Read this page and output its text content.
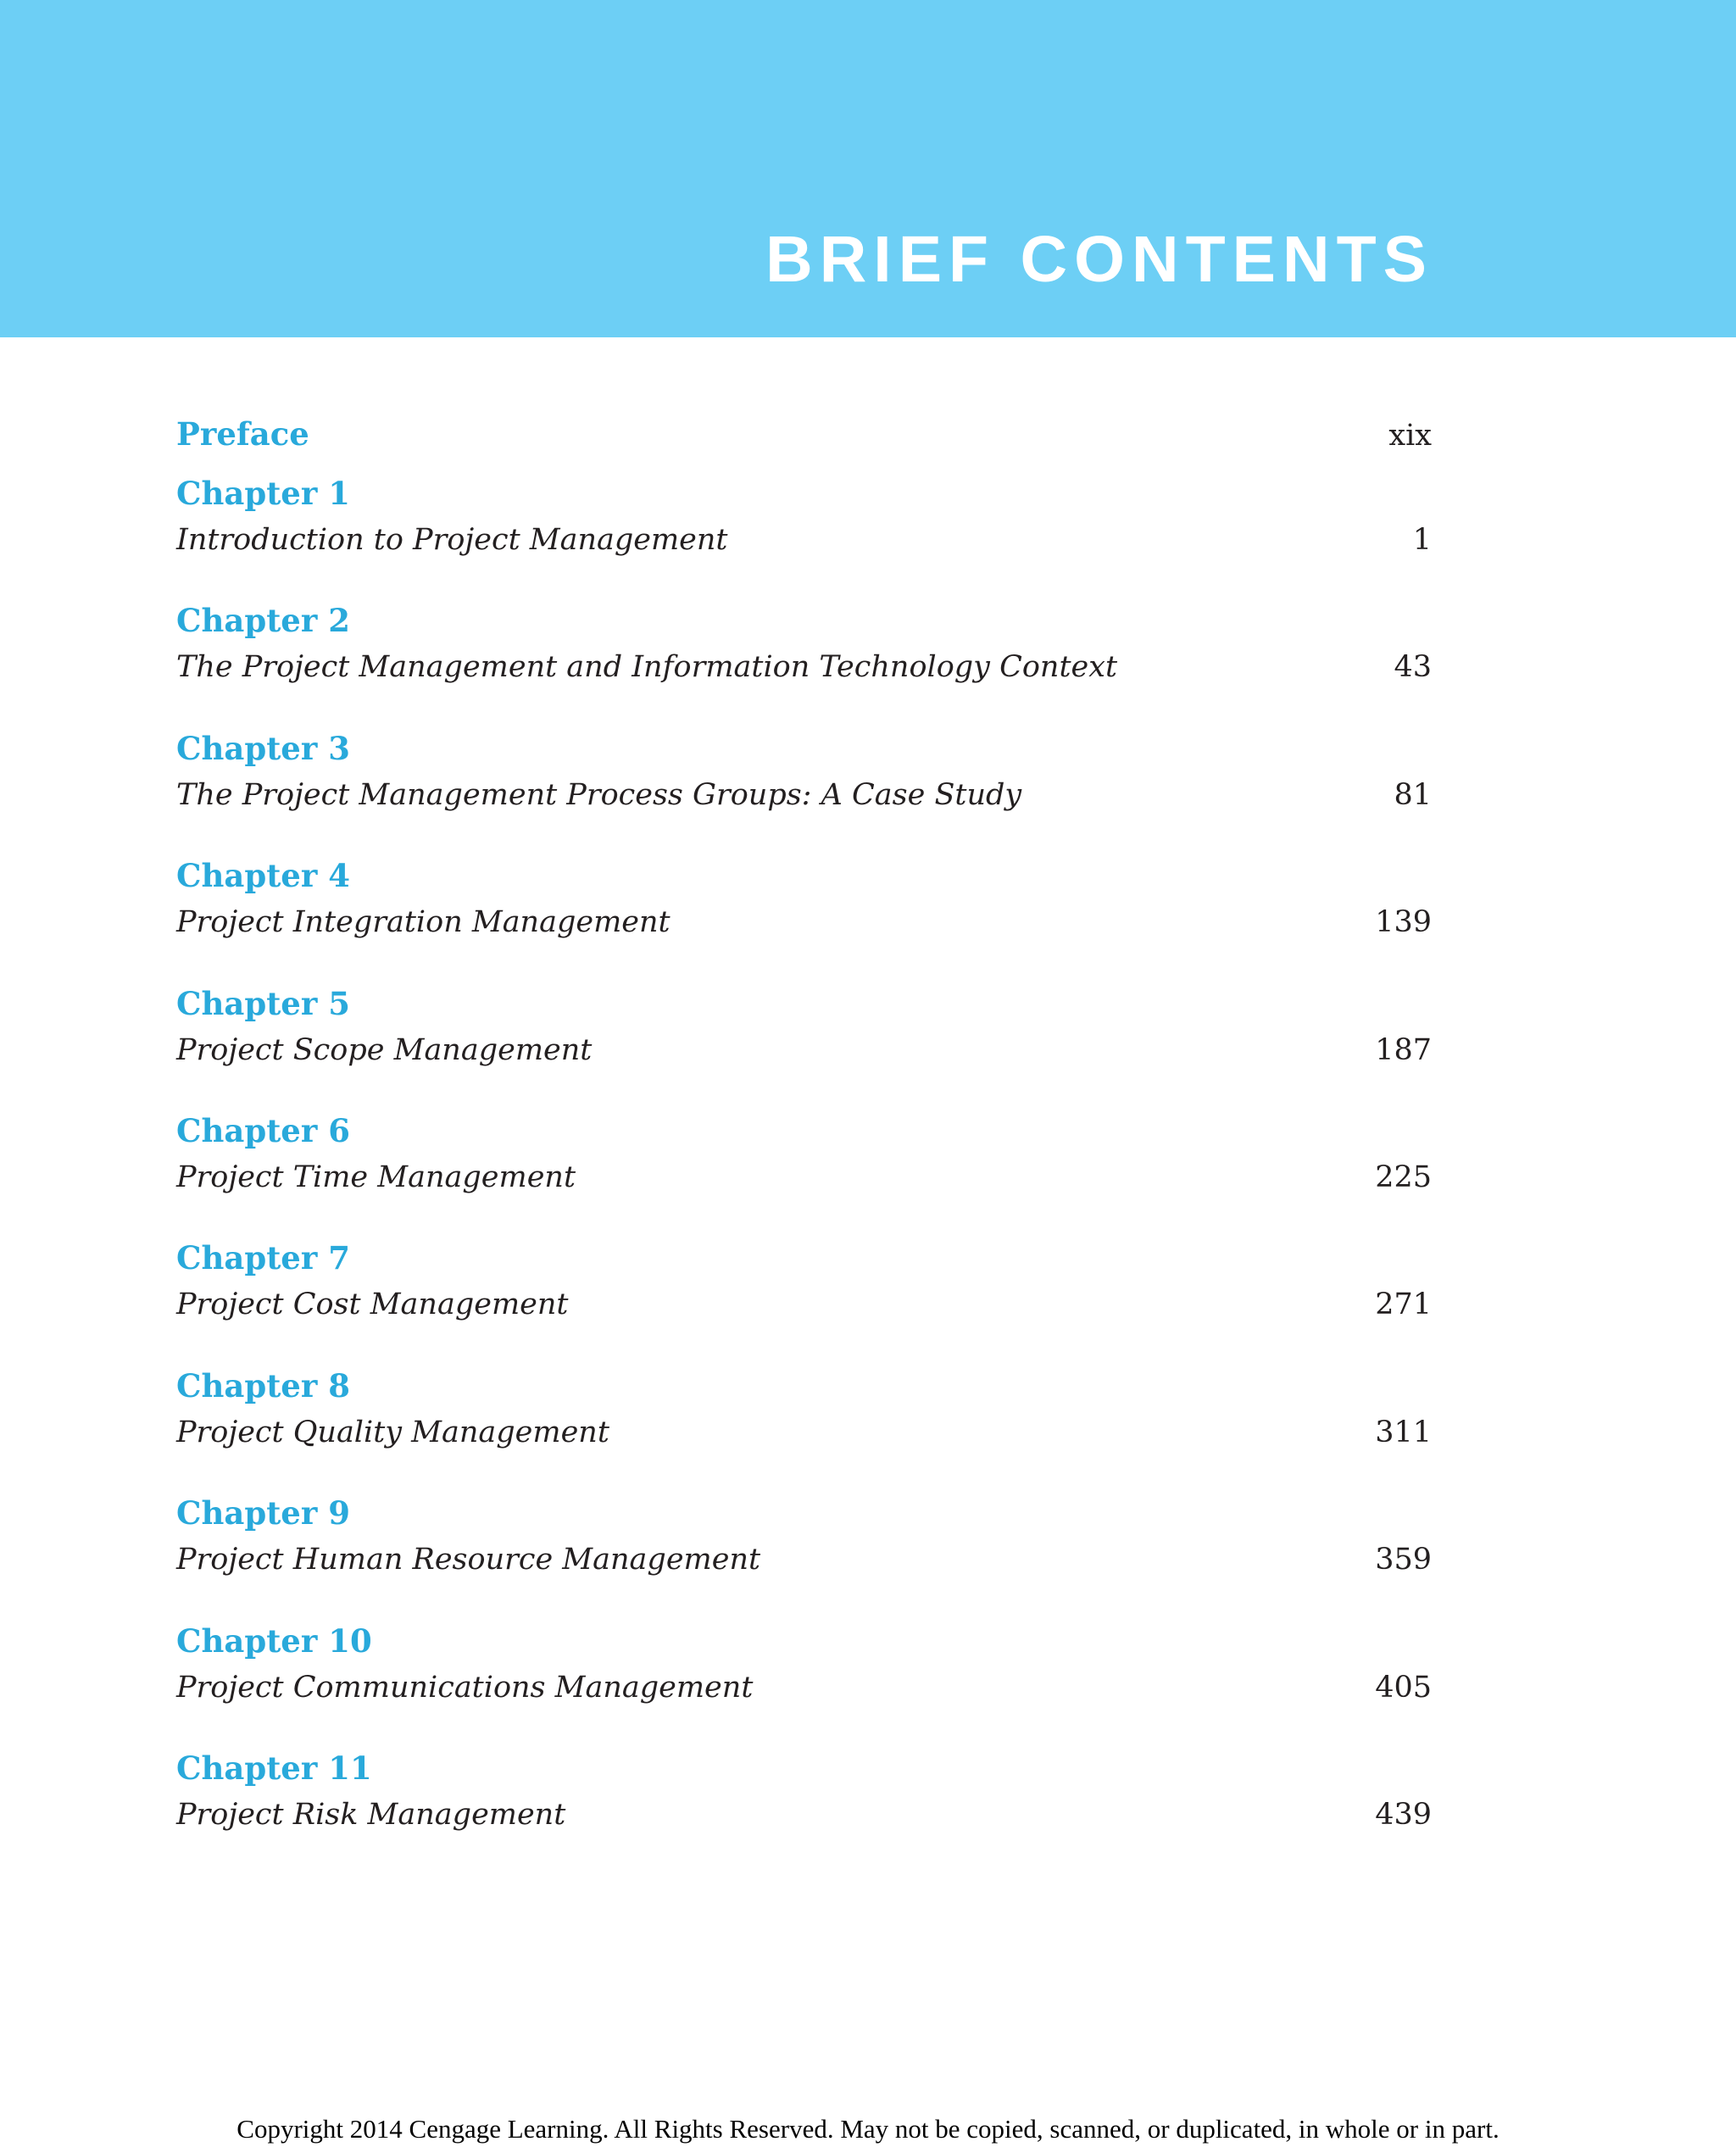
BRIEF CONTENTS
Preface	xix
Chapter 1
Introduction to Project Management	1
Chapter 2
The Project Management and Information Technology Context	43
Chapter 3
The Project Management Process Groups: A Case Study	81
Chapter 4
Project Integration Management	139
Chapter 5
Project Scope Management	187
Chapter 6
Project Time Management	225
Chapter 7
Project Cost Management	271
Chapter 8
Project Quality Management	311
Chapter 9
Project Human Resource Management	359
Chapter 10
Project Communications Management	405
Chapter 11
Project Risk Management	439
Copyright 2014 Cengage Learning. All Rights Reserved. May not be copied, scanned, or duplicated, in whole or in part.
